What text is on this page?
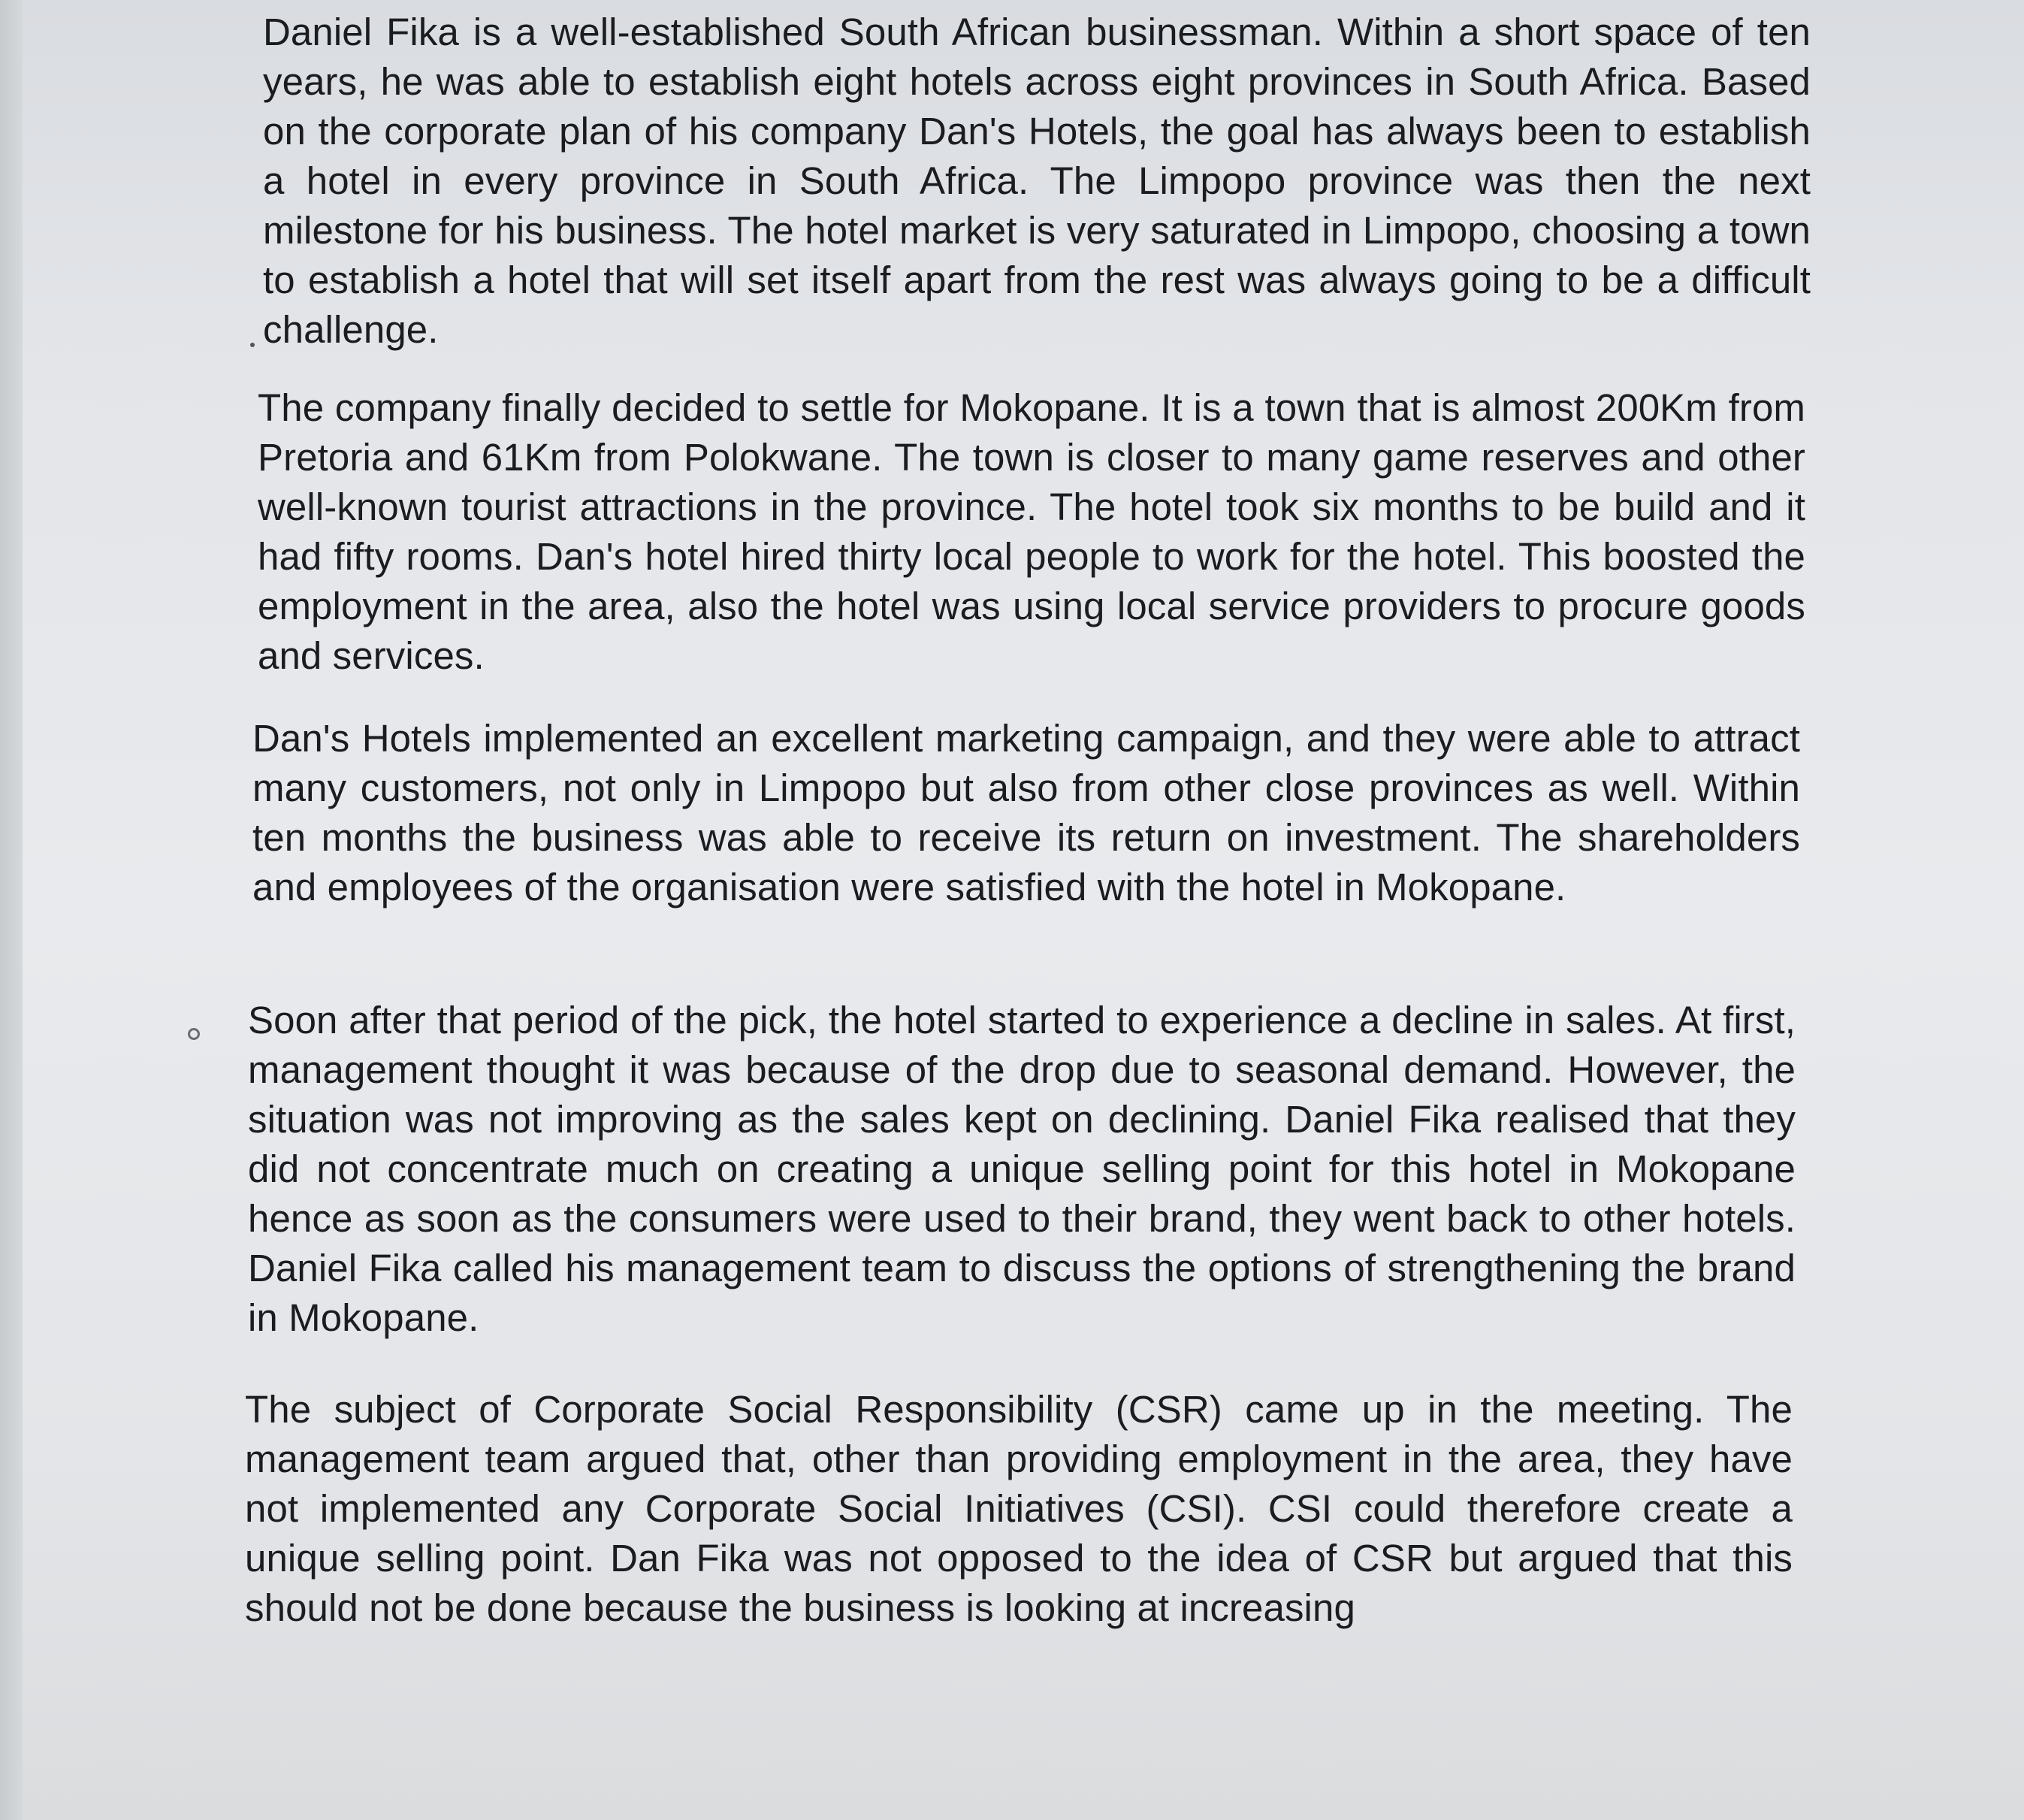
Daniel Fika is a well-established South African businessman. Within a short space of ten years, he was able to establish eight hotels across eight provinces in South Africa. Based on the corporate plan of his company Dan's Hotels, the goal has always been to establish a hotel in every province in South Africa. The Limpopo province was then the next milestone for his business. The hotel market is very saturated in Limpopo, choosing a town to establish a hotel that will set itself apart from the rest was always going to be a difficult challenge.

The company finally decided to settle for Mokopane. It is a town that is almost 200Km from Pretoria and 61Km from Polokwane. The town is closer to many game reserves and other well-known tourist attractions in the province. The hotel took six months to be build and it had fifty rooms. Dan's hotel hired thirty local people to work for the hotel. This boosted the employment in the area, also the hotel was using local service providers to procure goods and services.

Dan's Hotels implemented an excellent marketing campaign, and they were able to attract many customers, not only in Limpopo but also from other close provinces as well. Within ten months the business was able to receive its return on investment. The shareholders and employees of the organisation were satisfied with the hotel in Mokopane.

Soon after that period of the pick, the hotel started to experience a decline in sales. At first, management thought it was because of the drop due to seasonal demand. However, the situation was not improving as the sales kept on declining. Daniel Fika realised that they did not concentrate much on creating a unique selling point for this hotel in Mokopane hence as soon as the consumers were used to their brand, they went back to other hotels. Daniel Fika called his management team to discuss the options of strengthening the brand in Mokopane.

The subject of Corporate Social Responsibility (CSR) came up in the meeting. The management team argued that, other than providing employment in the area, they have not implemented any Corporate Social Initiatives (CSI). CSI could therefore create a unique selling point. Dan Fika was not opposed to the idea of CSR but argued that this should not be done because the business is looking at increasing
